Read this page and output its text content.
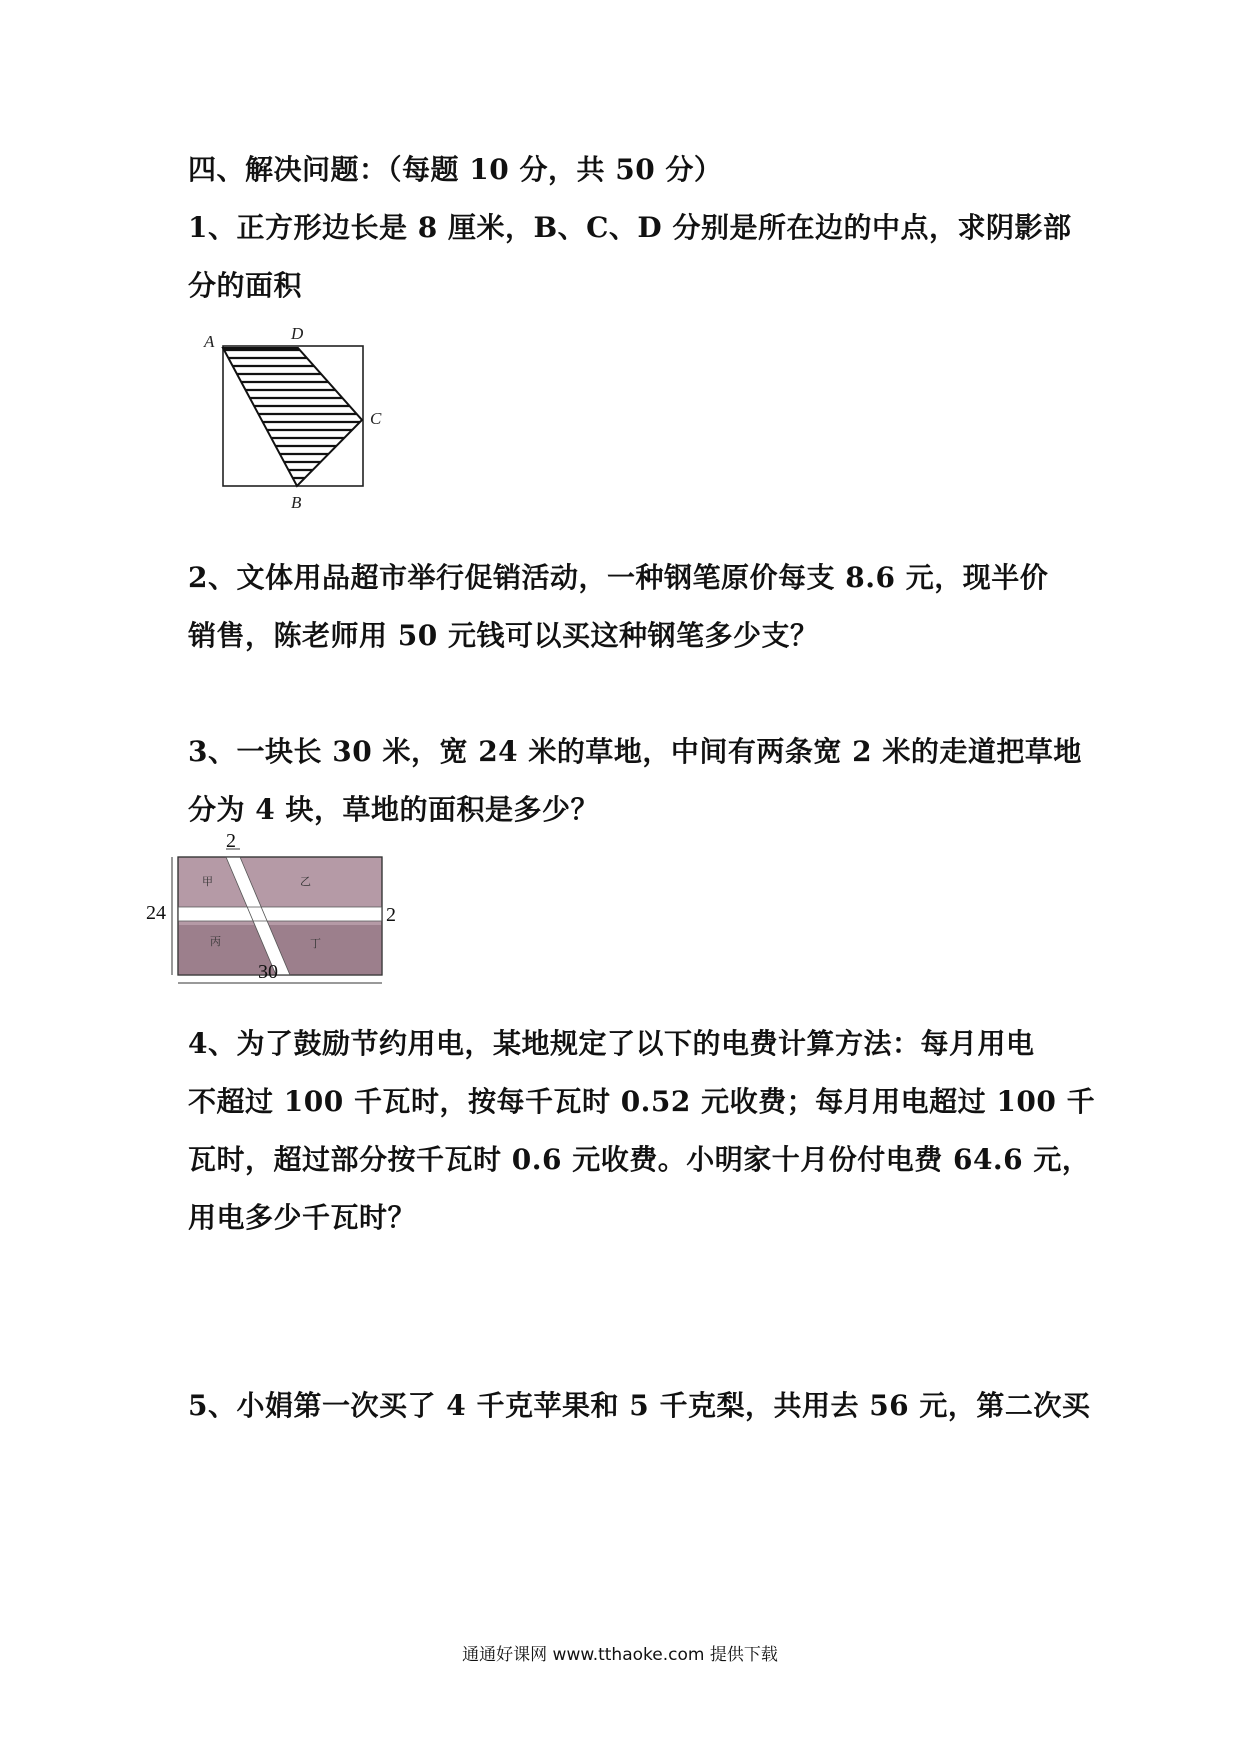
四、解决问题：（每题 10 分，共 50 分）
1、正方形边长是 8 厘米，B、C、D 分别是所在边的中点，求阴影部
分的面积
A	D
C
B
2、文体用品超市举行促销活动，一种钢笔原价每支 8.6 元，现半价
销售，陈老师用 50 元钱可以买这种钢笔多少支？
3、一块长 30 米，宽 24 米的草地，中间有两条宽 2 米的走道把草地
分为 4 块，草地的面积是多少？
2
24	2
30
甲	乙
丙	丁
4、为了鼓励节约用电，某地规定了以下的电费计算方法：每月用电
不超过 100 千瓦时，按每千瓦时 0.52 元收费；每月用电超过 100 千
瓦时，超过部分按千瓦时 0.6 元收费。小明家十月份付电费 64.6 元，
用电多少千瓦时？
5、小娟第一次买了 4 千克苹果和 5 千克梨，共用去 56 元，第二次买
通通好课网 www.tthaoke.com 提供下载
